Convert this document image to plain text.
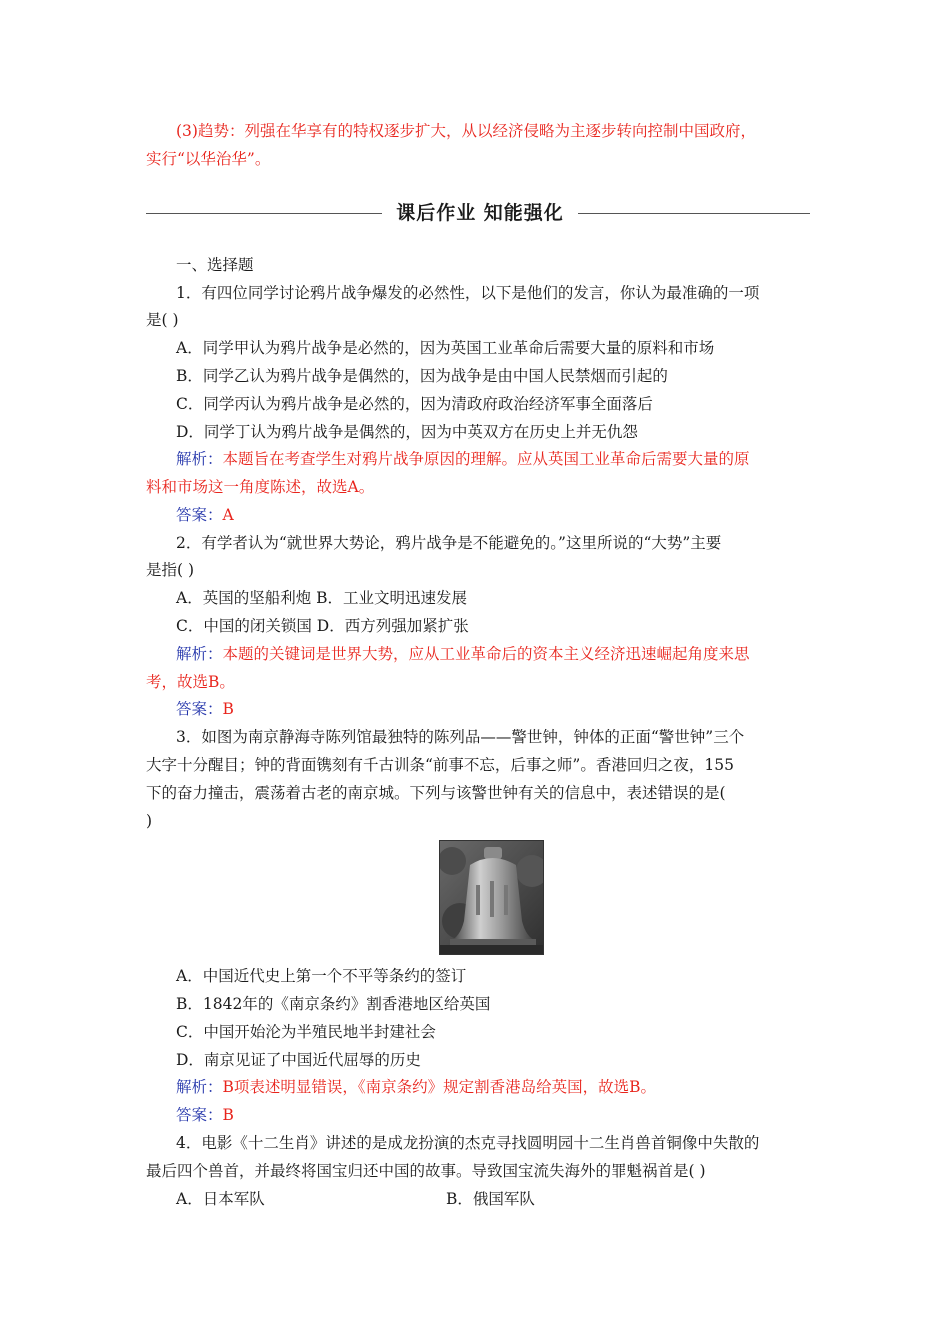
(3)趋势：列强在华享有的特权逐步扩大，从以经济侵略为主逐步转向控制中国政府，
实行“以华治华”。
课后作业 知能强化
一、选择题
1．有四位同学讨论鸦片战争爆发的必然性，以下是他们的发言，你认为最准确的一项
是( )
A．同学甲认为鸦片战争是必然的，因为英国工业革命后需要大量的原料和市场
B．同学乙认为鸦片战争是偶然的，因为战争是由中国人民禁烟而引起的
C．同学丙认为鸦片战争是必然的，因为清政府政治经济军事全面落后
D．同学丁认为鸦片战争是偶然的，因为中英双方在历史上并无仇怨
解析：本题旨在考查学生对鸦片战争原因的理解。应从英国工业革命后需要大量的原
料和市场这一角度陈述，故选A。
答案：A
2．有学者认为“就世界大势论，鸦片战争是不能避免的。”这里所说的“大势”主要
是指( )
A．英国的坚船利炮 B．工业文明迅速发展
C．中国的闭关锁国 D．西方列强加紧扩张
解析：本题的关键词是世界大势，应从工业革命后的资本主义经济迅速崛起角度来思
考，故选B。
答案：B
3．如图为南京静海寺陈列馆最独特的陈列品——警世钟，钟体的正面“警世钟”三个
大字十分醒目；钟的背面镌刻有千古训条“前事不忘，后事之师”。香港回归之夜，155
下的奋力撞击，震荡着古老的南京城。下列与该警世钟有关的信息中，表述错误的是(
)
A．中国近代史上第一个不平等条约的签订
B．1842年的《南京条约》割香港地区给英国
C．中国开始沦为半殖民地半封建社会
D．南京见证了中国近代屈辱的历史
解析：B项表述明显错误，《南京条约》规定割香港岛给英国，故选B。
答案：B
4．电影《十二生肖》讲述的是成龙扮演的杰克寻找圆明园十二生肖兽首铜像中失散的
最后四个兽首，并最终将国宝归还中国的故事。导致国宝流失海外的罪魁祸首是( )
A．日本军队	B．俄国军队
